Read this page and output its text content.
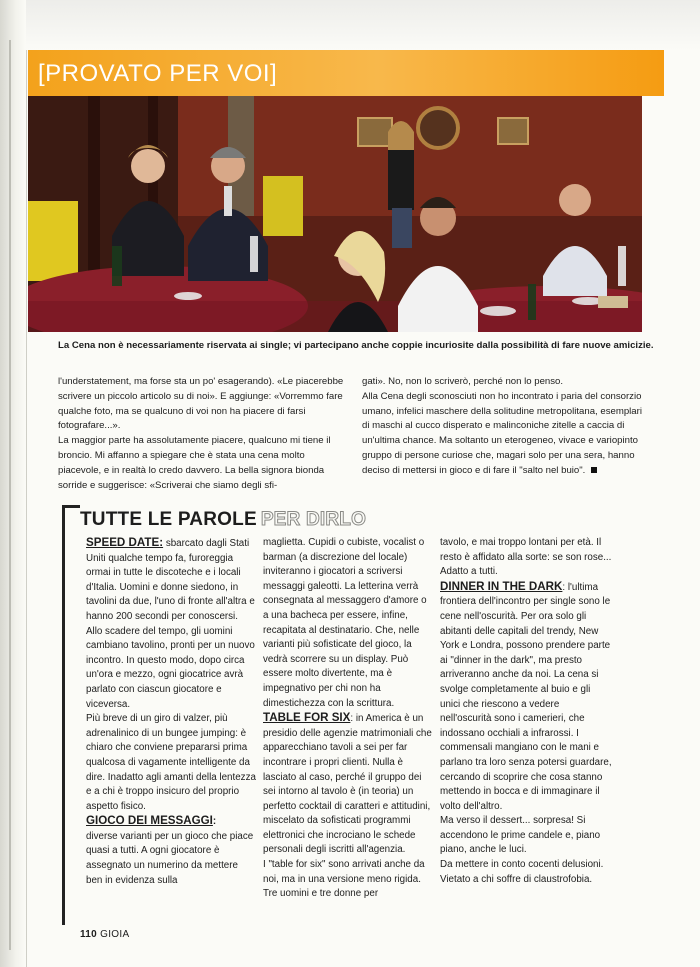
[PROVATO PER VOI]
La Cena non è necessariamente riservata ai single; vi partecipano anche coppie incuriosite dalla possibilità di fare nuove amicizie.

l'understatement, ma forse sta un po' esagerando). «Le piacerebbe scrivere un piccolo articolo su di noi». E aggiunge: «Vorremmo fare qualche foto, ma se qualcuno di voi non ha piacere di farsi fotografare...».

La maggior parte ha assolutamente piacere, qualcuno mi tiene il broncio. Mi affanno a spiegare che è stata una cena molto piacevole, e in realtà lo credo davvero. La bella signora bionda sorride e suggerisce: «Scriverai che siamo degli sfi-

gati». No, non lo scriverò, perché non lo penso.

Alla Cena degli sconosciuti non ho incontrato i paria del consorzio umano, infelici maschere della solitudine metropolitana, esemplari di maschi al cucco disperato e malinconiche zitelle a caccia di un'ultima chance. Ma soltanto un eterogeneo, vivace e variopinto gruppo di persone curiose che, magari solo per una sera, hanno deciso di mettersi in gioco e di fare il "salto nel buio".

TUTTE LE PAROLE PER DIRLO

SPEED DATE: sbarcato dagli Stati Uniti qualche tempo fa, furoreggia ormai in tutte le discoteche e i locali d'Italia. Uomini e donne siedono, in tavolini da due, l'uno di fronte all'altra e hanno 200 secondi per conoscersi. Allo scadere del tempo, gli uomini cambiano tavolino, pronti per un nuovo incontro. In questo modo, dopo circa un'ora e mezzo, ogni giocatrice avrà parlato con ciascun giocatore e viceversa.

Più breve di un giro di valzer, più adrenalinico di un bungee jumping: è chiaro che conviene prepararsi prima qualcosa di vagamente intelligente da dire. Inadatto agli amanti della lentezza e a chi è troppo insicuro del proprio aspetto fisico.

GIOCO DEI MESSAGGI:

diverse varianti per un gioco che piace quasi a tutti. A ogni giocatore è assegnato un numerino da mettere ben in evidenza sulla

maglietta. Cupidi o cubiste, vocalist o barman (a discrezione del locale) inviteranno i giocatori a scriversi messaggi galeotti. La letterina verrà consegnata al messaggero d'amore o a una bacheca per essere, infine, recapitata al destinatario. Che, nelle varianti più sofisticate del gioco, la vedrà scorrere su un display. Può essere molto divertente, ma è impegnativo per chi non ha dimestichezza con la scrittura.

TABLE FOR SIX: in America è un presidio delle agenzie matrimoniali che apparecchiano tavoli a sei per far incontrare i propri clienti. Nulla è lasciato al caso, perché il gruppo dei sei intorno al tavolo è (in teoria) un perfetto cocktail di caratteri e attitudini, miscelato da sofisticati programmi elettronici che incrociano le schede personali degli iscritti all'agenzia.

I "table for six" sono arrivati anche da noi, ma in una versione meno rigida. Tre uomini e tre donne per

tavolo, e mai troppo lontani per età. Il resto è affidato alla sorte: se son rose... Adatto a tutti.

DINNER IN THE DARK: l'ultima frontiera dell'incontro per single sono le cene nell'oscurità. Per ora solo gli abitanti delle capitali del trendy, New York e Londra, possono prendere parte ai "dinner in the dark", ma presto arriveranno anche da noi. La cena si svolge completamente al buio e gli unici che riescono a vedere nell'oscurità sono i camerieri, che indossano occhiali a infrarossi. I commensali mangiano con le mani e parlano tra loro senza potersi guardare, cercando di scoprire che cosa stanno mettendo in bocca e di immaginare il volto dell'altro.

Ma verso il dessert... sorpresa! Si accendono le prime candele e, piano piano, anche le luci.

Da mettere in conto cocenti delusioni. Vietato a chi soffre di claustrofobia.

110 GIOIA
